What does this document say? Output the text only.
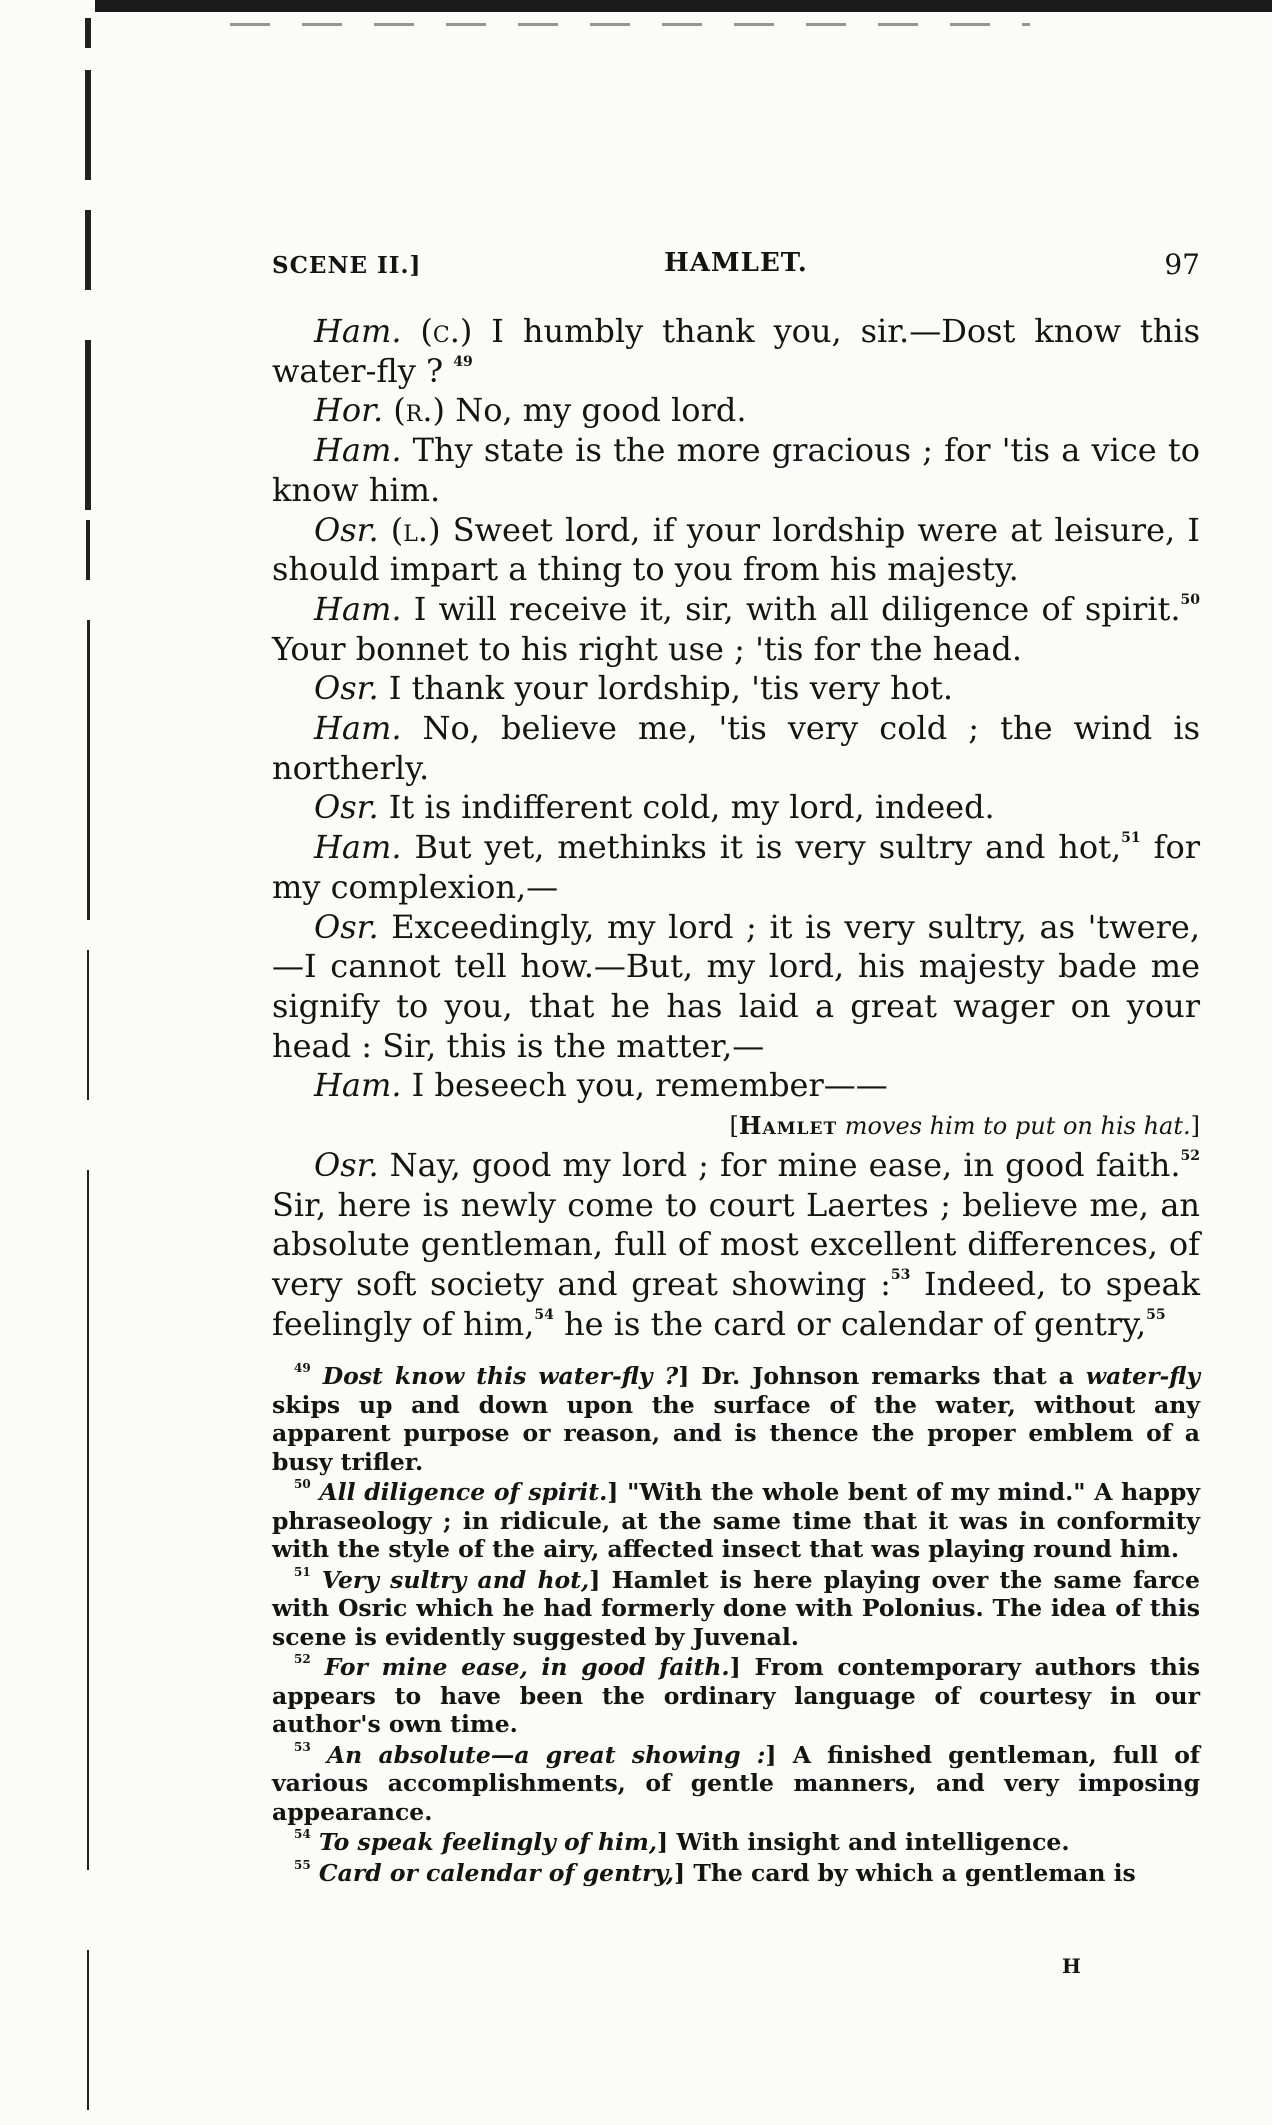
SCENE II.]	HAMLET.	97

Ham. (c.) I humbly thank you, sir.—Dost know this water-fly ? $^{49}$

Hor. (r.) No, my good lord.

Ham. Thy state is the more gracious ; for 'tis a vice to know him.

Osr. (l.) Sweet lord, if your lordship were at leisure, I should impart a thing to you from his majesty.

Ham. I will receive it, sir, with all diligence of spirit.$^{50}$ Your bonnet to his right use ; 'tis for the head.

Osr. I thank your lordship, 'tis very hot.

Ham. No, believe me, 'tis very cold ; the wind is northerly.

Osr. It is indifferent cold, my lord, indeed.

Ham. But yet, methinks it is very sultry and hot,$^{51}$ for my complexion,—

Osr. Exceedingly, my lord ; it is very sultry, as 'twere,—I cannot tell how.—But, my lord, his majesty bade me signify to you, that he has laid a great wager on your head : Sir, this is the matter,—

Ham. I beseech you, remember——

[Hamlet moves him to put on his hat.]

Osr. Nay, good my lord ; for mine ease, in good faith.$^{52}$ Sir, here is newly come to court Laertes ; believe me, an absolute gentleman, full of most excellent differences, of very soft society and great showing :$^{53}$ Indeed, to speak feelingly of him,$^{54}$ he is the card or calendar of gentry,$^{55}$

$^{49}$ Dost know this water-fly ?] Dr. Johnson remarks that a water-fly skips up and down upon the surface of the water, without any apparent purpose or reason, and is thence the proper emblem of a busy trifler.

$^{50}$ All diligence of spirit.] "With the whole bent of my mind." A happy phraseology ; in ridicule, at the same time that it was in conformity with the style of the airy, affected insect that was playing round him.

$^{51}$ Very sultry and hot,] Hamlet is here playing over the same farce with Osric which he had formerly done with Polonius. The idea of this scene is evidently suggested by Juvenal.

$^{52}$ For mine ease, in good faith.] From contemporary authors this appears to have been the ordinary language of courtesy in our author's own time.

$^{53}$ An absolute—a great showing :] A finished gentleman, full of various accomplishments, of gentle manners, and very imposing appearance.

$^{54}$ To speak feelingly of him,] With insight and intelligence.

$^{55}$ Card or calendar of gentry,] The card by which a gentleman is

H
